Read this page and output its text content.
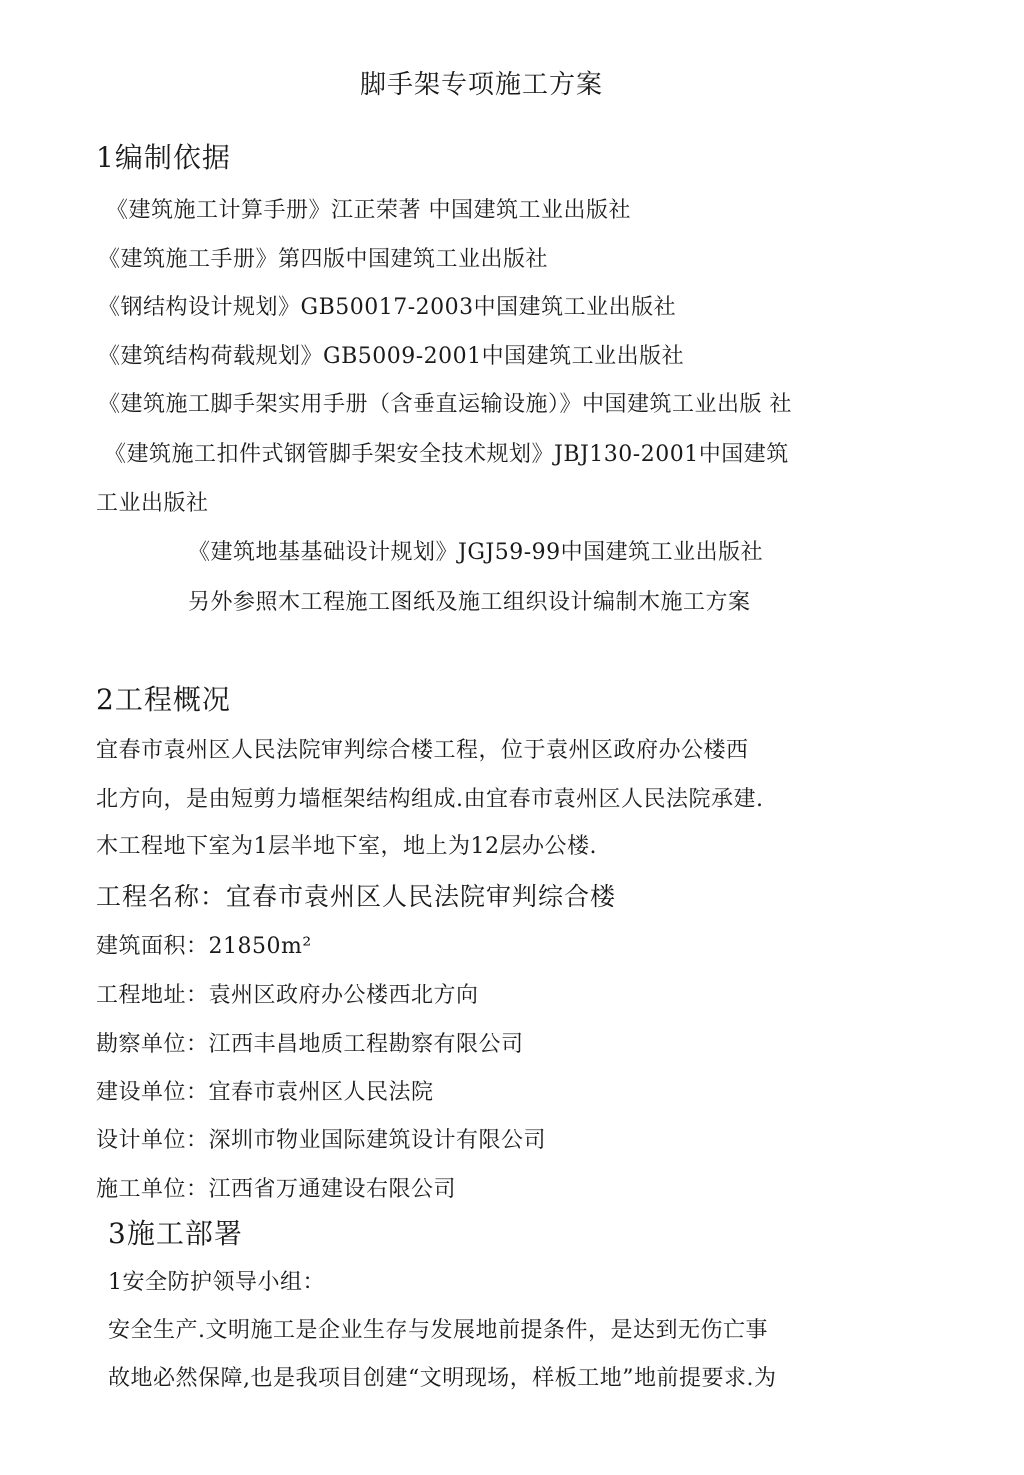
脚手架专项施工方案
1编制依据
《建筑施工计算手册》江正荣著 中国建筑工业出版社
《建筑施工手册》第四版中国建筑工业出版社
《钢结构设计规划》GB50017-2003中国建筑工业出版社
《建筑结构荷载规划》GB5009-2001中国建筑工业出版社
《建筑施工脚手架实用手册（含垂直运输设施）》中国建筑工业出版 社
《建筑施工扣件式钢管脚手架安全技术规划》JBJ130-2001中国建筑
工业出版社
《建筑地基基础设计规划》JGJ59-99中国建筑工业出版社
另外参照木工程施工图纸及施工组织设计编制木施工方案
2工程概况
宜春市袁州区人民法院审判综合楼工程，位于袁州区政府办公楼西
北方向，是由短剪力墙框架结构组成.由宜春市袁州区人民法院承建.
木工程地下室为1层半地下室，地上为12层办公楼.
工程名称：宜春市袁州区人民法院审判综合楼
建筑面积：21850m²
工程地址：袁州区政府办公楼西北方向
勘察单位：江西丰昌地质工程勘察有限公司
建设单位：宜春市袁州区人民法院
设计单位：深圳市物业国际建筑设计有限公司
施工单位：江西省万通建设右限公司
3施工部署
1安全防护领导小组：
安全生产.文明施工是企业生存与发展地前提条件，是达到无伤亡事
故地必然保障,也是我项目创建“文明现场，样板工地”地前提要求.为
